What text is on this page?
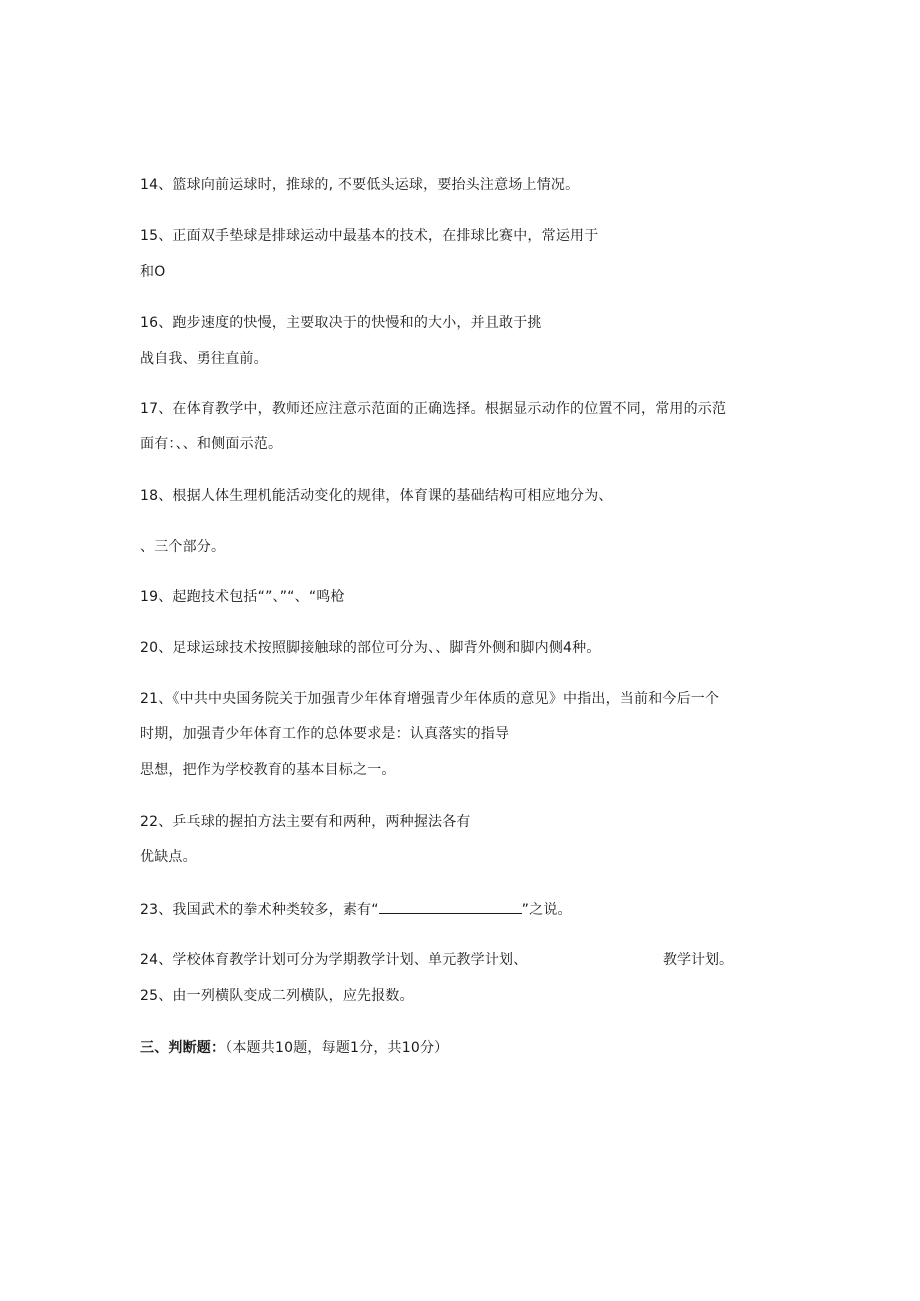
14、篮球向前运球时，推球的, 不要低头运球，要抬头注意场上情况。
15、正面双手垫球是排球运动中最基本的技术，在排球比赛中，常运用于
和O
16、跑步速度的快慢，主要取决于的快慢和的大小，并且敢于挑
战自我、勇往直前。
17、在体育教学中，教师还应注意示范面的正确选择。根据显示动作的位置不同，常用的示范
面有：、、和侧面示范。
18、根据人体生理机能活动变化的规律，体育课的基础结构可相应地分为、
、三个部分。
19、起跑技术包括“”、”“、“鸣枪
20、足球运球技术按照脚接触球的部位可分为、、脚背外侧和脚内侧4种。
21、《中共中央国务院关于加强青少年体育增强青少年体质的意见》中指出，当前和今后一个
时期，加强青少年体育工作的总体要求是：认真落实的指导
思想，把作为学校教育的基本目标之一。
22、乒乓球的握拍方法主要有和两种，两种握法各有
优缺点。
23、我国武术的拳术种类较多，素有“	”之说。
24、学校体育教学计划可分为学期教学计划、单元教学计划、	教学计划。
25、由一列横队变成二列横队，应先报数。
三、判断题：（本题共10题，每题1分，共10分）
